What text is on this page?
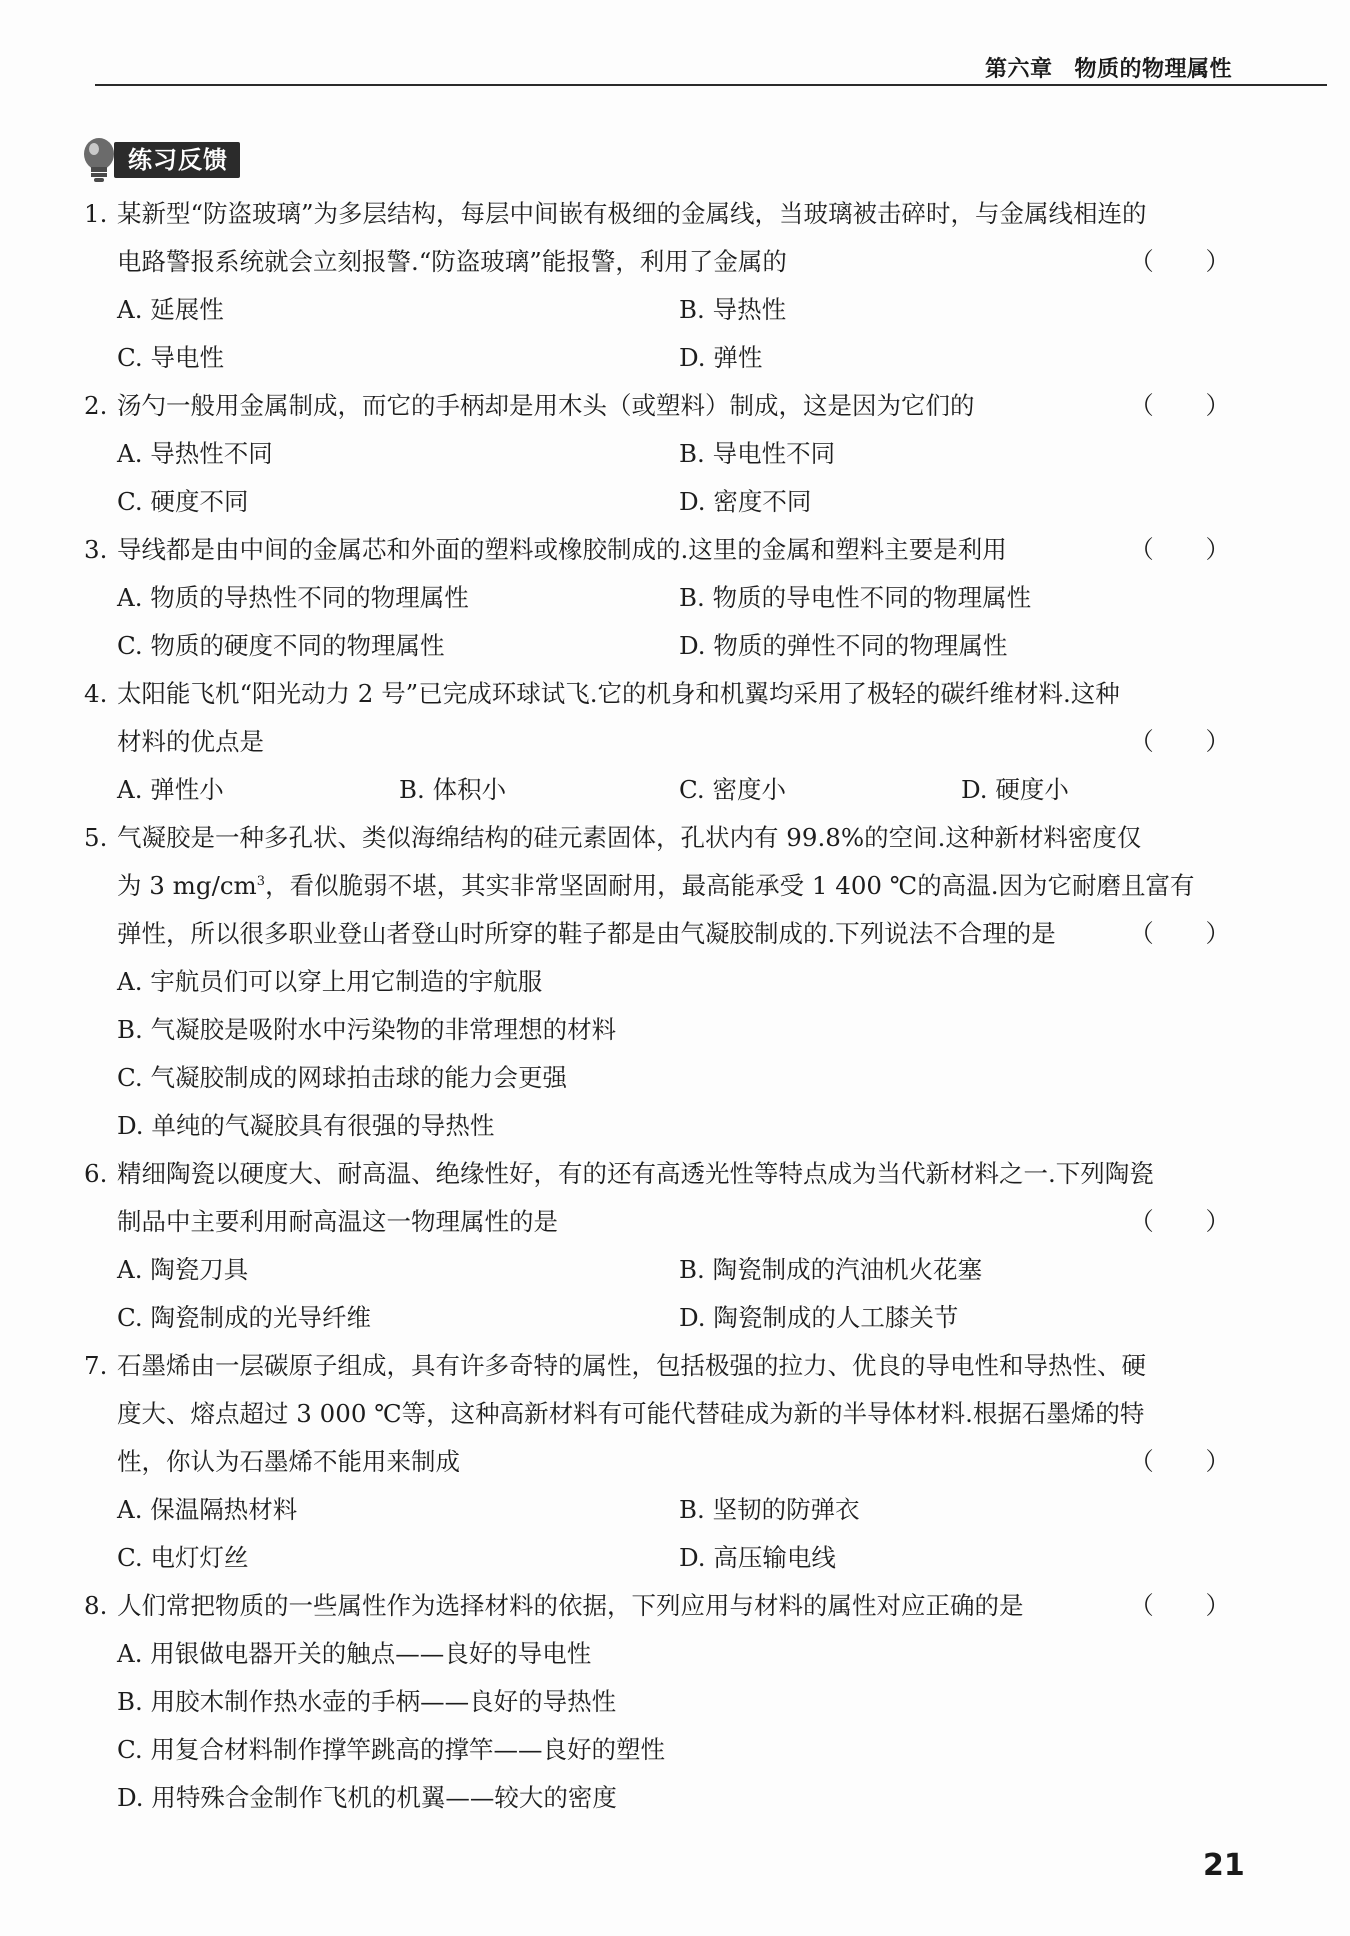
第六章 物质的物理属性
练习反馈
1. 某新型“防盗玻璃”为多层结构，每层中间嵌有极细的金属线，当玻璃被击碎时，与金属线相连的
电路警报系统就会立刻报警.“防盗玻璃”能报警，利用了金属的	（ ）
A. 延展性	B. 导热性
C. 导电性	D. 弹性
2. 汤勺一般用金属制成，而它的手柄却是用木头（或塑料）制成，这是因为它们的	（ ）
A. 导热性不同	B. 导电性不同
C. 硬度不同	D. 密度不同
3. 导线都是由中间的金属芯和外面的塑料或橡胶制成的.这里的金属和塑料主要是利用	（ ）
A. 物质的导热性不同的物理属性	B. 物质的导电性不同的物理属性
C. 物质的硬度不同的物理属性	D. 物质的弹性不同的物理属性
4. 太阳能飞机“阳光动力 2 号”已完成环球试飞.它的机身和机翼均采用了极轻的碳纤维材料.这种
材料的优点是	（ ）
A. 弹性小	B. 体积小	C. 密度小	D. 硬度小
5. 气凝胶是一种多孔状、类似海绵结构的硅元素固体，孔状内有 99.8%的空间.这种新材料密度仅
为 3 $mg/cm^3$，看似脆弱不堪，其实非常坚固耐用，最高能承受 1 400 ℃的高温.因为它耐磨且富有
弹性，所以很多职业登山者登山时所穿的鞋子都是由气凝胶制成的.下列说法不合理的是	（ ）
A. 宇航员们可以穿上用它制造的宇航服
B. 气凝胶是吸附水中污染物的非常理想的材料
C. 气凝胶制成的网球拍击球的能力会更强
D. 单纯的气凝胶具有很强的导热性
6. 精细陶瓷以硬度大、耐高温、绝缘性好，有的还有高透光性等特点成为当代新材料之一.下列陶瓷
制品中主要利用耐高温这一物理属性的是	（ ）
A. 陶瓷刀具	B. 陶瓷制成的汽油机火花塞
C. 陶瓷制成的光导纤维	D. 陶瓷制成的人工膝关节
7. 石墨烯由一层碳原子组成，具有许多奇特的属性，包括极强的拉力、优良的导电性和导热性、硬
度大、熔点超过 3 000 ℃等，这种高新材料有可能代替硅成为新的半导体材料.根据石墨烯的特
性，你认为石墨烯不能用来制成	（ ）
A. 保温隔热材料	B. 坚韧的防弹衣
C. 电灯灯丝	D. 高压输电线
8. 人们常把物质的一些属性作为选择材料的依据，下列应用与材料的属性对应正确的是	（ ）
A. 用银做电器开关的触点——良好的导电性
B. 用胶木制作热水壶的手柄——良好的导热性
C. 用复合材料制作撑竿跳高的撑竿——良好的塑性
D. 用特殊合金制作飞机的机翼——较大的密度
21
